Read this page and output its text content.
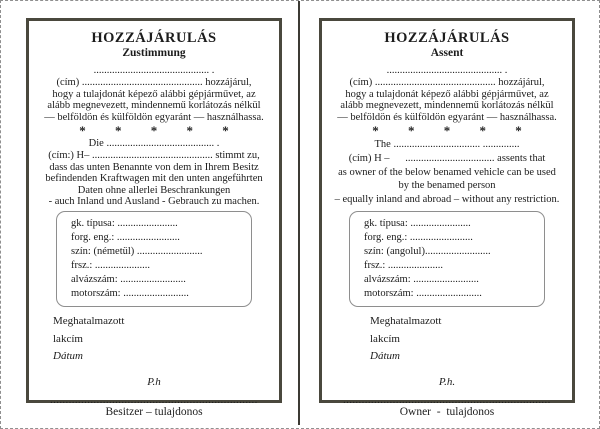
HOZZÁJÁRULÁS
Zustimmung
............................................ .
(cím) .............................................. hozzájárul,
hogy a tulajdonát képező alábbi gépjárművet, az
alább megnevezett, mindennemű korlátozás nélkül
— belföldön és külföldön egyaránt — használhassa.
* * * * *
Die ......................................... .
(cím:) H– .............................................. stimmt zu,
dass das unten Benannte von dem in Ihrem Besitz
befindenden Kraftwagen mit den unten angeführten
Daten ohne allerlei Beschrankungen
- auch Inland und Ausland - Gebrauch zu machen.
gk. típusa: .......................
forg. eng.: ........................
szín: (németül) .........................
frsz.: .....................
alvázszám: .........................
motorszám: .........................
Meghatalmazott
lakcím
Dátum
P.h
...................................................................
Besitzer – tulajdonos
HOZZÁJÁRULÁS
Assent
............................................ .
(cím) .............................................. hozzájárul,
hogy a tulajdonát képező alábbi gépjárművet, az
alább megnevezett, mindennemű korlátozás nélkül
— belföldön és külföldön egyaránt — használhassa.
* * * * *
The ................................. ..............
(cím) H –      .................................. assents that
as owner of the below benamed vehicle can be used
by the benamed person
– equally inland and abroad – without any restriction.
gk. típusa: .......................
forg. eng.: ........................
szín: (angolul).........................
frsz.: .....................
alvázszám: .........................
motorszám: .........................
Meghatalmazott
lakcím
Dátum
P.h.
...................................................................
Owner  -  tulajdonos
